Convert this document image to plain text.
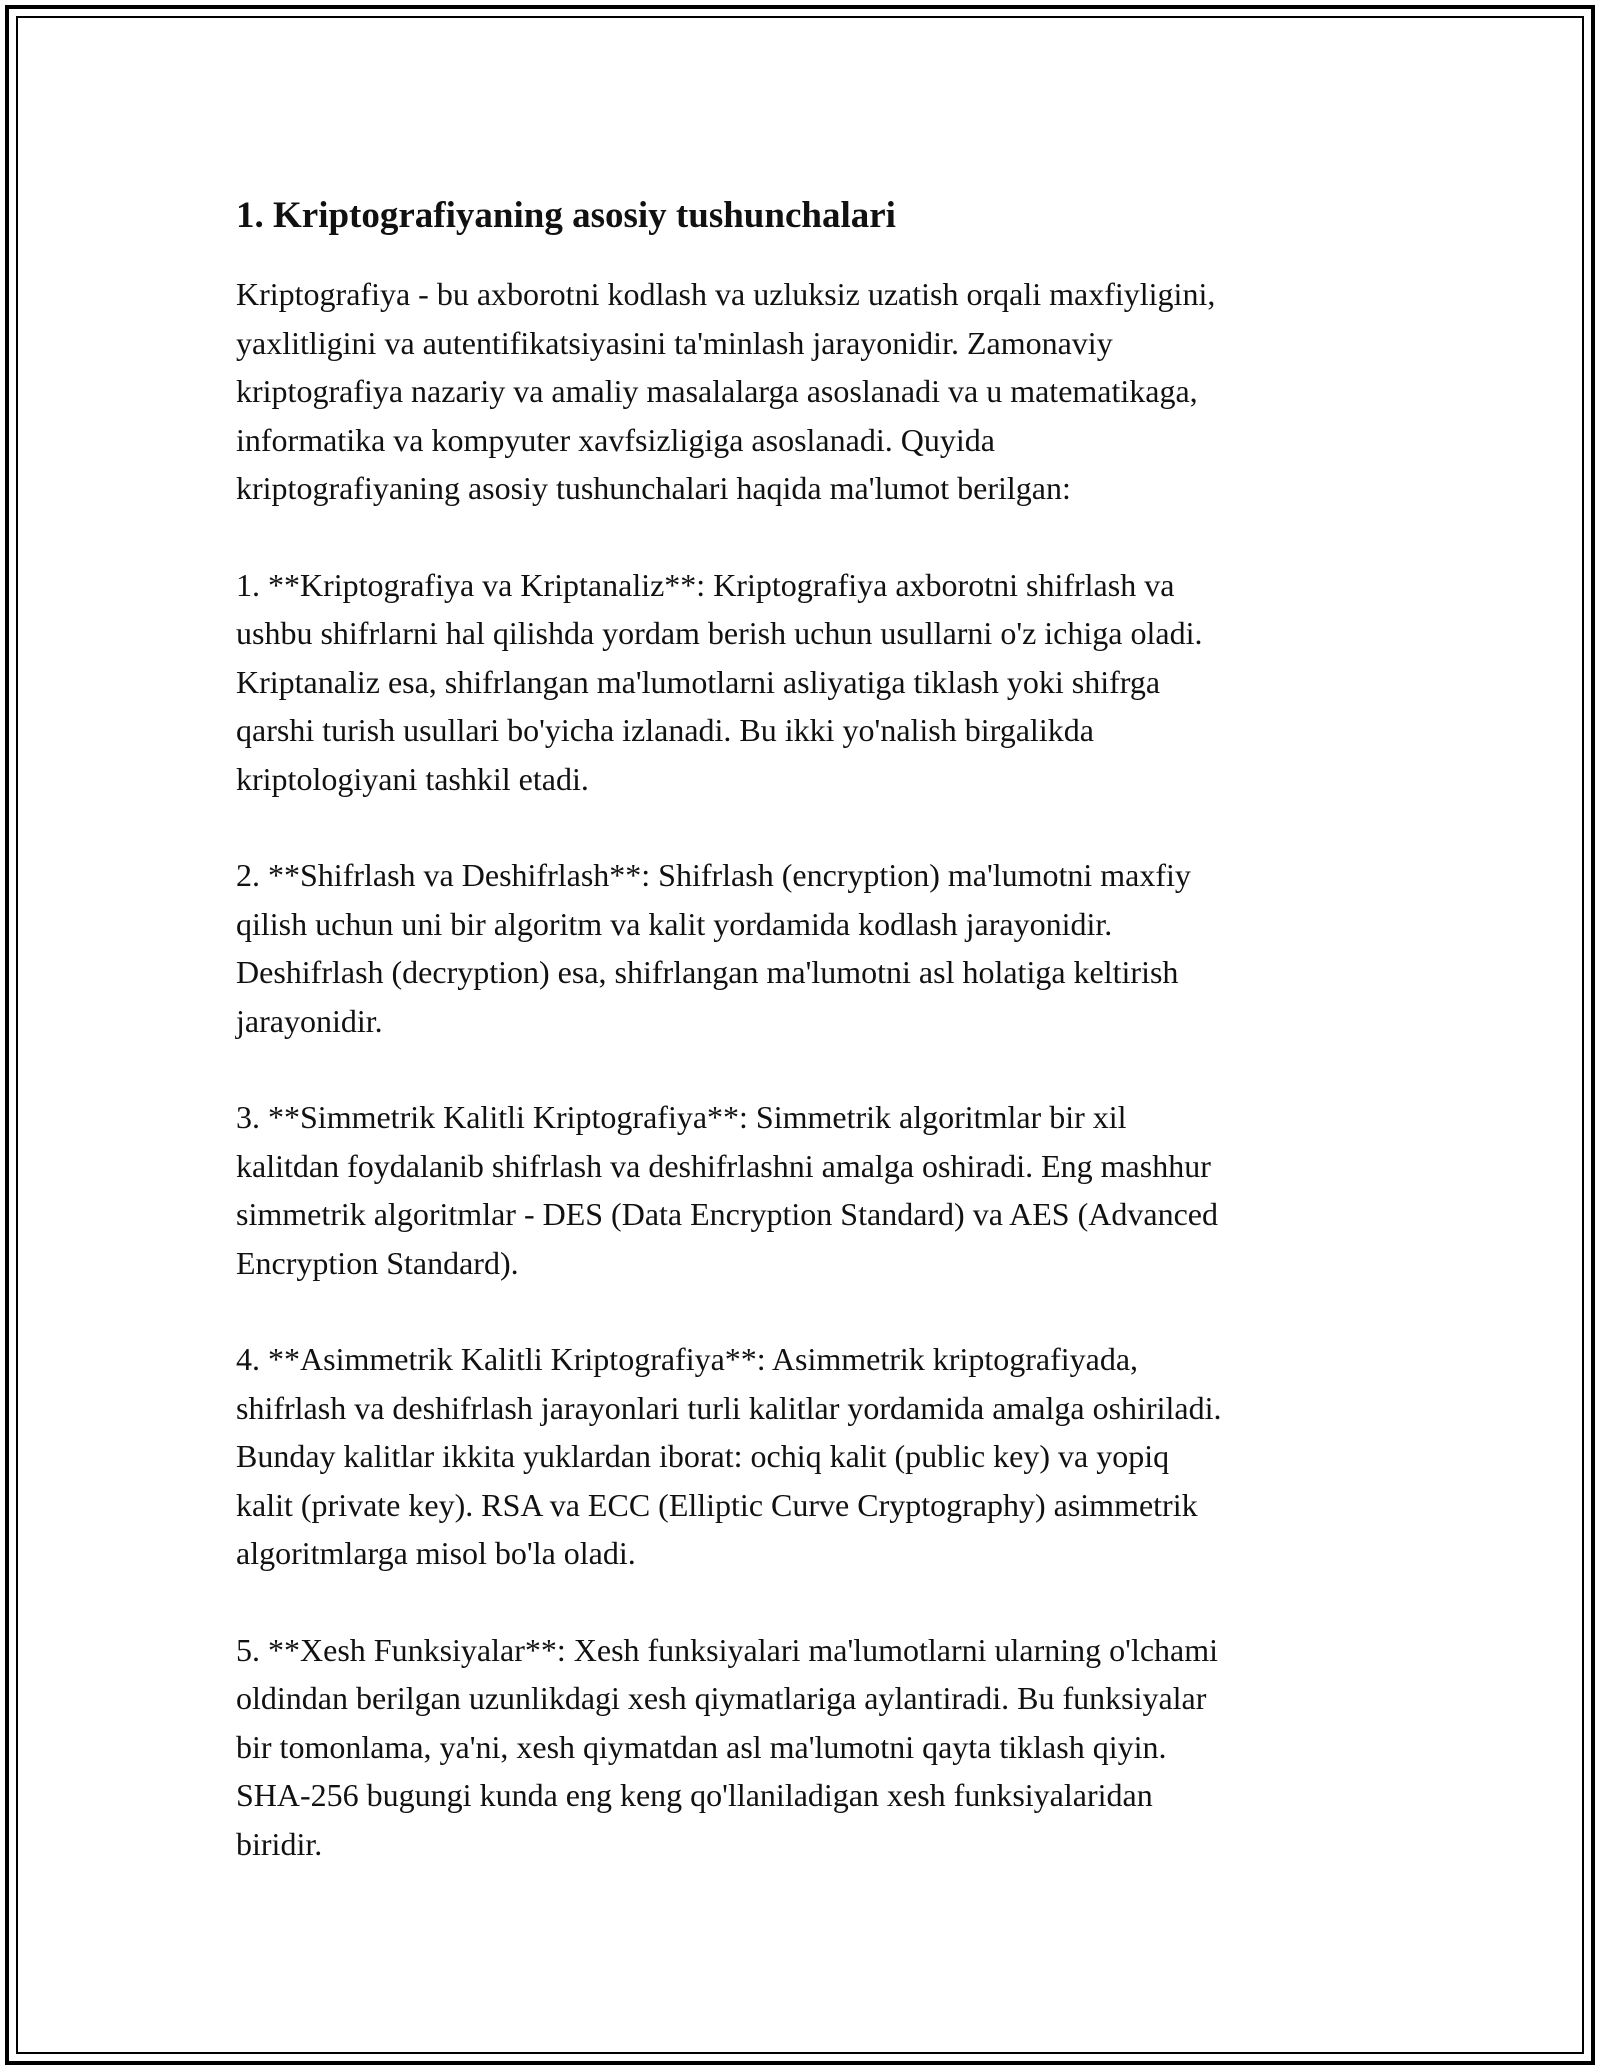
1. Kriptografiyaning asosiy tushunchalari

Kriptografiya - bu axborotni kodlash va uzluksiz uzatish orqali maxfiyligini,
yaxlitligini va autentifikatsiyasini ta'minlash jarayonidir. Zamonaviy
kriptografiya nazariy va amaliy masalalarga asoslanadi va u matematikaga,
informatika va kompyuter xavfsizligiga asoslanadi. Quyida
kriptografiyaning asosiy tushunchalari haqida ma'lumot berilgan:

1. **Kriptografiya va Kriptanaliz**: Kriptografiya axborotni shifrlash va
ushbu shifrlarni hal qilishda yordam berish uchun usullarni o'z ichiga oladi.
Kriptanaliz esa, shifrlangan ma'lumotlarni asliyatiga tiklash yoki shifrga
qarshi turish usullari bo'yicha izlanadi. Bu ikki yo'nalish birgalikda
kriptologiyani tashkil etadi.

2. **Shifrlash va Deshifrlash**: Shifrlash (encryption) ma'lumotni maxfiy
qilish uchun uni bir algoritm va kalit yordamida kodlash jarayonidir.
Deshifrlash (decryption) esa, shifrlangan ma'lumotni asl holatiga keltirish
jarayonidir.

3. **Simmetrik Kalitli Kriptografiya**: Simmetrik algoritmlar bir xil
kalitdan foydalanib shifrlash va deshifrlashni amalga oshiradi. Eng mashhur
simmetrik algoritmlar - DES (Data Encryption Standard) va AES (Advanced
Encryption Standard).

4. **Asimmetrik Kalitli Kriptografiya**: Asimmetrik kriptografiyada,
shifrlash va deshifrlash jarayonlari turli kalitlar yordamida amalga oshiriladi.
Bunday kalitlar ikkita yuklardan iborat: ochiq kalit (public key) va yopiq
kalit (private key). RSA va ECC (Elliptic Curve Cryptography) asimmetrik
algoritmlarga misol bo'la oladi.

5. **Xesh Funksiyalar**: Xesh funksiyalari ma'lumotlarni ularning o'lchami
oldindan berilgan uzunlikdagi xesh qiymatlariga aylantiradi. Bu funksiyalar
bir tomonlama, ya'ni, xesh qiymatdan asl ma'lumotni qayta tiklash qiyin.
SHA-256 bugungi kunda eng keng qo'llaniladigan xesh funksiyalaridan
biridir.
